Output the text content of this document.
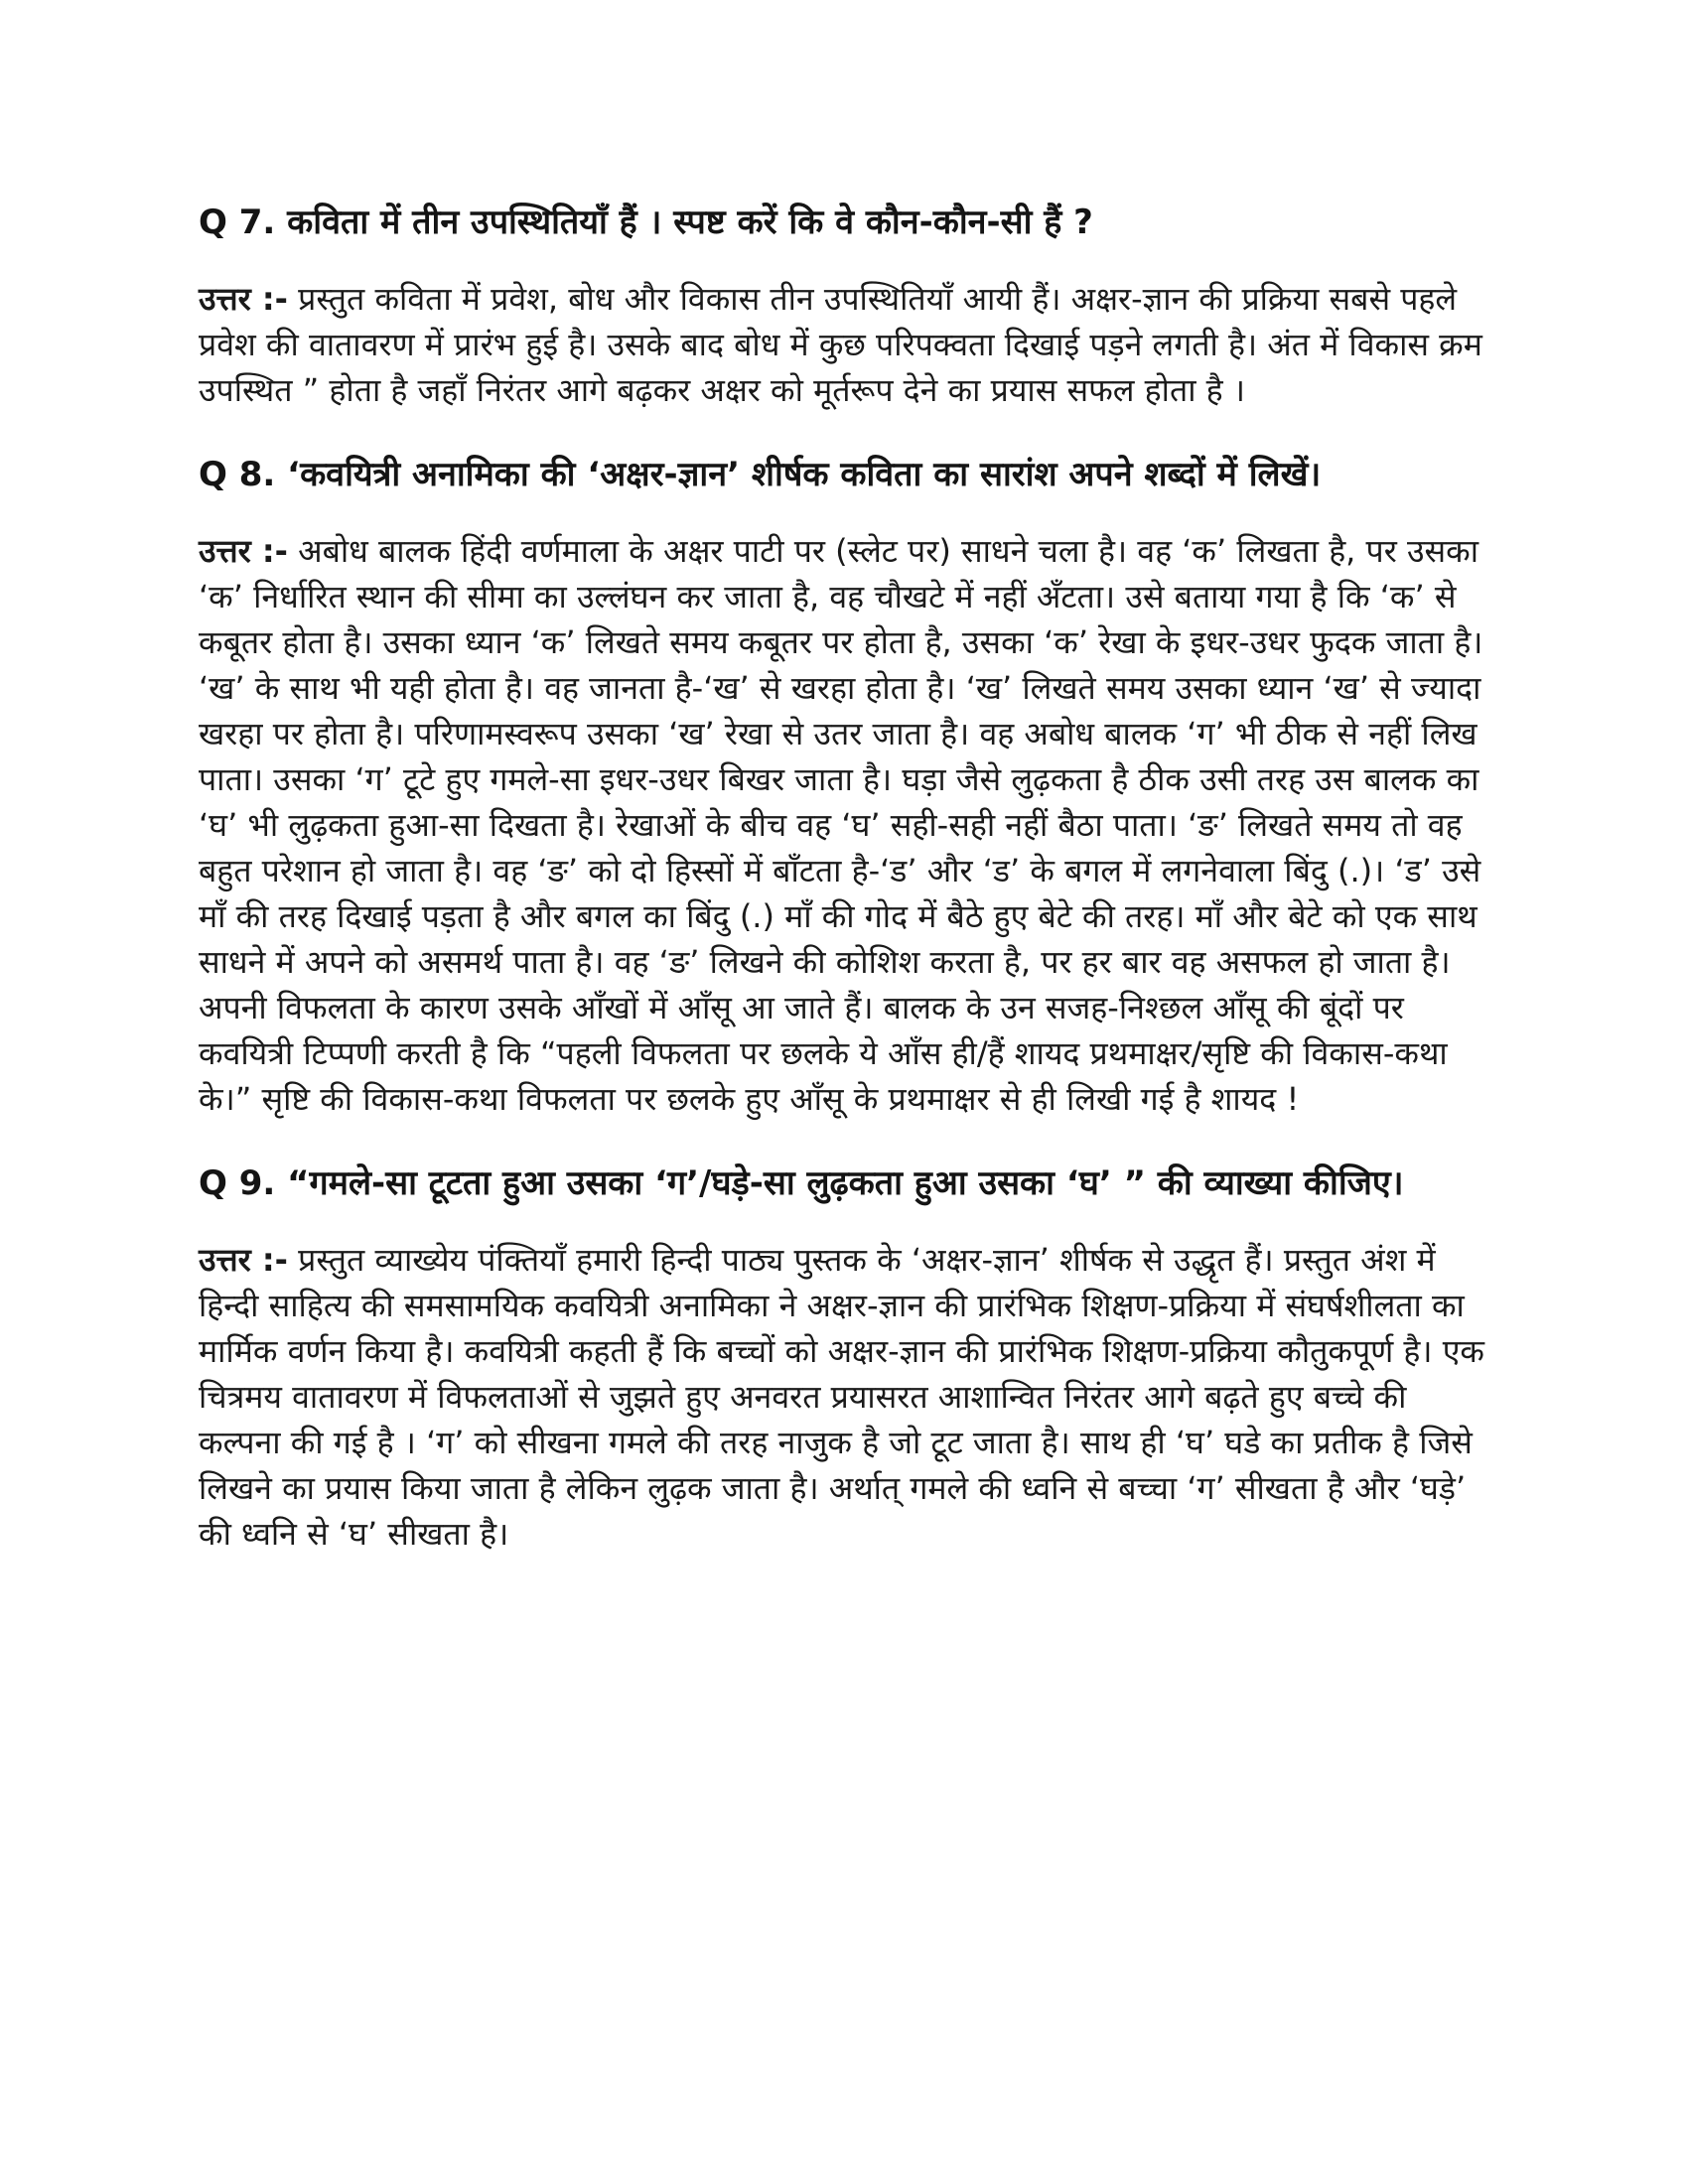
Q 7. कविता में तीन उपस्थितियाँ हैं । स्पष्ट करें कि वे कौन-कौन-सी हैं ?

उत्तर :- प्रस्तुत कविता में प्रवेश, बोध और विकास तीन उपस्थितियाँ आयी हैं। अक्षर-ज्ञान की प्रक्रिया सबसे पहले प्रवेश की वातावरण में प्रारंभ हुई है। उसके बाद बोध में कुछ परिपक्वता दिखाई पड़ने लगती है। अंत में विकास क्रम उपस्थित ” होता है जहाँ निरंतर आगे बढ़कर अक्षर को मूर्तरूप देने का प्रयास सफल होता है ।

Q 8. ‘कवयित्री अनामिका की ‘अक्षर-ज्ञान’ शीर्षक कविता का सारांश अपने शब्दों में लिखें।

उत्तर :- अबोध बालक हिंदी वर्णमाला के अक्षर पाटी पर (स्लेट पर) साधने चला है। वह ‘क’ लिखता है, पर उसका ‘क’ निर्धारित स्थान की सीमा का उल्लंघन कर जाता है, वह चौखटे में नहीं अँटता। उसे बताया गया है कि ‘क’ से कबूतर होता है। उसका ध्यान ‘क’ लिखते समय कबूतर पर होता है, उसका ‘क’ रेखा के इधर-उधर फुदक जाता है। ‘ख’ के साथ भी यही होता है। वह जानता है-‘ख’ से खरहा होता है। ‘ख’ लिखते समय उसका ध्यान ‘ख’ से ज्यादा खरहा पर होता है। परिणामस्वरूप उसका ‘ख’ रेखा से उतर जाता है। वह अबोध बालक ‘ग’ भी ठीक से नहीं लिख पाता। उसका ‘ग’ टूटे हुए गमले-सा इधर-उधर बिखर जाता है। घड़ा जैसे लुढ़कता है ठीक उसी तरह उस बालक का ‘घ’ भी लुढ़कता हुआ-सा दिखता है। रेखाओं के बीच वह ‘घ’ सही-सही नहीं बैठा पाता। ‘ङ’ लिखते समय तो वह बहुत परेशान हो जाता है। वह ‘ङ’ को दो हिस्सों में बाँटता है-‘ड’ और ‘ड’ के बगल में लगनेवाला बिंदु (.)। ‘ड’ उसे माँ की तरह दिखाई पड़ता है और बगल का बिंदु (.) माँ की गोद में बैठे हुए बेटे की तरह। माँ और बेटे को एक साथ साधने में अपने को असमर्थ पाता है। वह ‘ङ’ लिखने की कोशिश करता है, पर हर बार वह असफल हो जाता है। अपनी विफलता के कारण उसके आँखों में आँसू आ जाते हैं। बालक के उन सजह-निश्छल आँसू की बूंदों पर कवयित्री टिप्पणी करती है कि “पहली विफलता पर छलके ये आँस ही/हैं शायद प्रथमाक्षर/सृष्टि की विकास-कथा के।” सृष्टि की विकास-कथा विफलता पर छलके हुए आँसू के प्रथमाक्षर से ही लिखी गई है शायद !

Q 9. “गमले-सा टूटता हुआ उसका ‘ग’/घड़े-सा लुढ़कता हुआ उसका ‘घ’ ” की व्याख्या कीजिए।

उत्तर :- प्रस्तुत व्याख्येय पंक्तियाँ हमारी हिन्दी पाठ्य पुस्तक के ‘अक्षर-ज्ञान’ शीर्षक से उद्धृत हैं। प्रस्तुत अंश में हिन्दी साहित्य की समसामयिक कवयित्री अनामिका ने अक्षर-ज्ञान की प्रारंभिक शिक्षण-प्रक्रिया में संघर्षशीलता का मार्मिक वर्णन किया है। कवयित्री कहती हैं कि बच्चों को अक्षर-ज्ञान की प्रारंभिक शिक्षण-प्रक्रिया कौतुकपूर्ण है। एक चित्रमय वातावरण में विफलताओं से जुझते हुए अनवरत प्रयासरत आशान्वित निरंतर आगे बढ़ते हुए बच्चे की कल्पना की गई है । ‘ग’ को सीखना गमले की तरह नाजुक है जो टूट जाता है। साथ ही ‘घ’ घडे का प्रतीक है जिसे लिखने का प्रयास किया जाता है लेकिन लुढ़क जाता है। अर्थात् गमले की ध्वनि से बच्चा ‘ग’ सीखता है और ‘घड़े’ की ध्वनि से ‘घ’ सीखता है।
